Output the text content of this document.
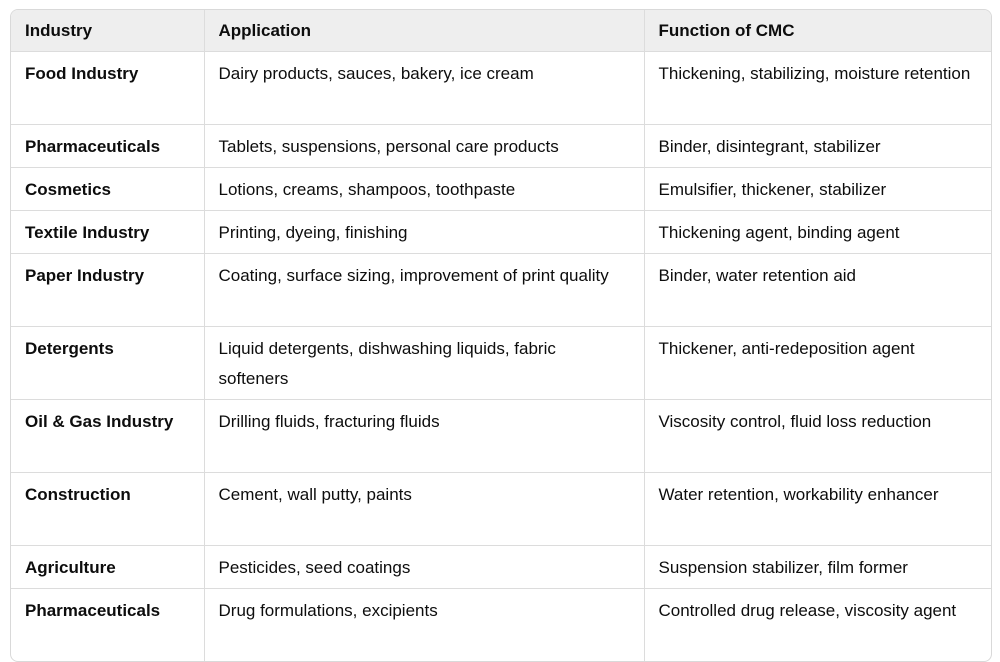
Industry	Application	Function of CMC
Food Industry	Dairy products, sauces, bakery, ice cream	Thickening, stabilizing, moisture retention
Pharmaceuticals	Tablets, suspensions, personal care products	Binder, disintegrant, stabilizer
Cosmetics	Lotions, creams, shampoos, toothpaste	Emulsifier, thickener, stabilizer
Textile Industry	Printing, dyeing, finishing	Thickening agent, binding agent
Paper Industry	Coating, surface sizing, improvement of print quality	Binder, water retention aid
Detergents	Liquid detergents, dishwashing liquids, fabric softeners	Thickener, anti-redeposition agent
Oil & Gas Industry	Drilling fluids, fracturing fluids	Viscosity control, fluid loss reduction
Construction	Cement, wall putty, paints	Water retention, workability enhancer
Agriculture	Pesticides, seed coatings	Suspension stabilizer, film former
Pharmaceuticals	Drug formulations, excipients	Controlled drug release, viscosity agent
